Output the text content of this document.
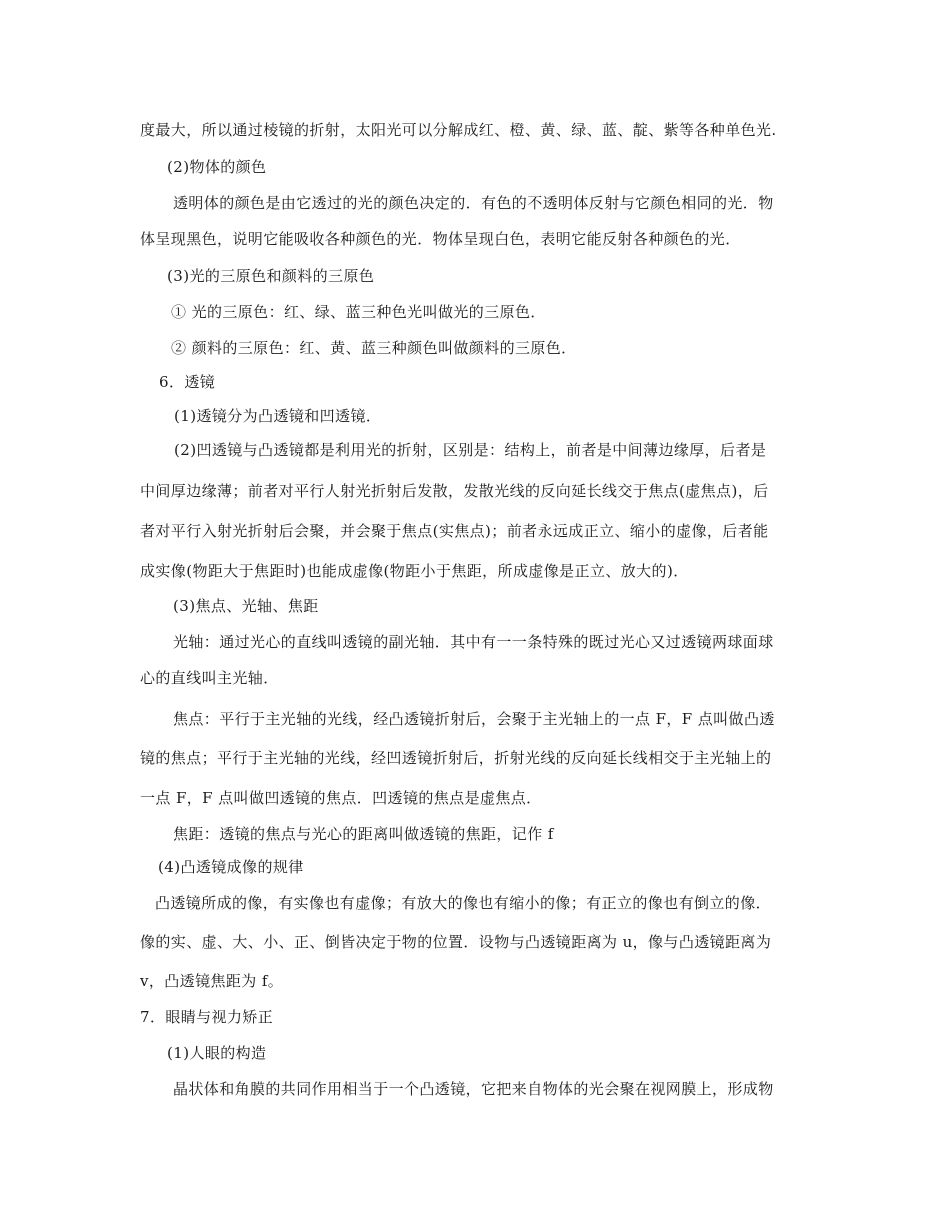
度最大，所以通过棱镜的折射，太阳光可以分解成红、橙、黄、绿、蓝、靛、紫等各种单色光.
(2)物体的颜色
透明体的颜色是由它透过的光的颜色决定的．有色的不透明体反射与它颜色相同的光．物
体呈现黑色，说明它能吸收各种颜色的光．物体呈现白色，表明它能反射各种颜色的光．
(3)光的三原色和颜料的三原色
① 光的三原色：红、绿、蓝三种色光叫做光的三原色．
② 颜料的三原色：红、黄、蓝三种颜色叫做颜料的三原色．
6．透镜
(1)透镜分为凸透镜和凹透镜．
(2)凹透镜与凸透镜都是利用光的折射，区别是：结构上，前者是中间薄边缘厚，后者是
中间厚边缘薄；前者对平行人射光折射后发散，发散光线的反向延长线交于焦点(虚焦点)，后
者对平行入射光折射后会聚，并会聚于焦点(实焦点)；前者永远成正立、缩小的虚像，后者能
成实像(物距大于焦距时)也能成虚像(物距小于焦距，所成虚像是正立、放大的)．
(3)焦点、光轴、焦距
光轴：通过光心的直线叫透镜的副光轴．其中有一一条特殊的既过光心又过透镜两球面球
心的直线叫主光轴．
焦点：平行于主光轴的光线，经凸透镜折射后，会聚于主光轴上的一点 F，F 点叫做凸透
镜的焦点；平行于主光轴的光线，经凹透镜折射后，折射光线的反向延长线相交于主光轴上的
一点 F，F 点叫做凹透镜的焦点．凹透镜的焦点是虚焦点．
焦距：透镜的焦点与光心的距离叫做透镜的焦距，记作 f
(4)凸透镜成像的规律
凸透镜所成的像，有实像也有虚像；有放大的像也有缩小的像；有正立的像也有倒立的像．
像的实、虚、大、小、正、倒皆决定于物的位置．设物与凸透镜距离为 u，像与凸透镜距离为
v，凸透镜焦距为 f。
7．眼睛与视力矫正
(1)人眼的构造
晶状体和角膜的共同作用相当于一个凸透镜，它把来自物体的光会聚在视网膜上，形成物
